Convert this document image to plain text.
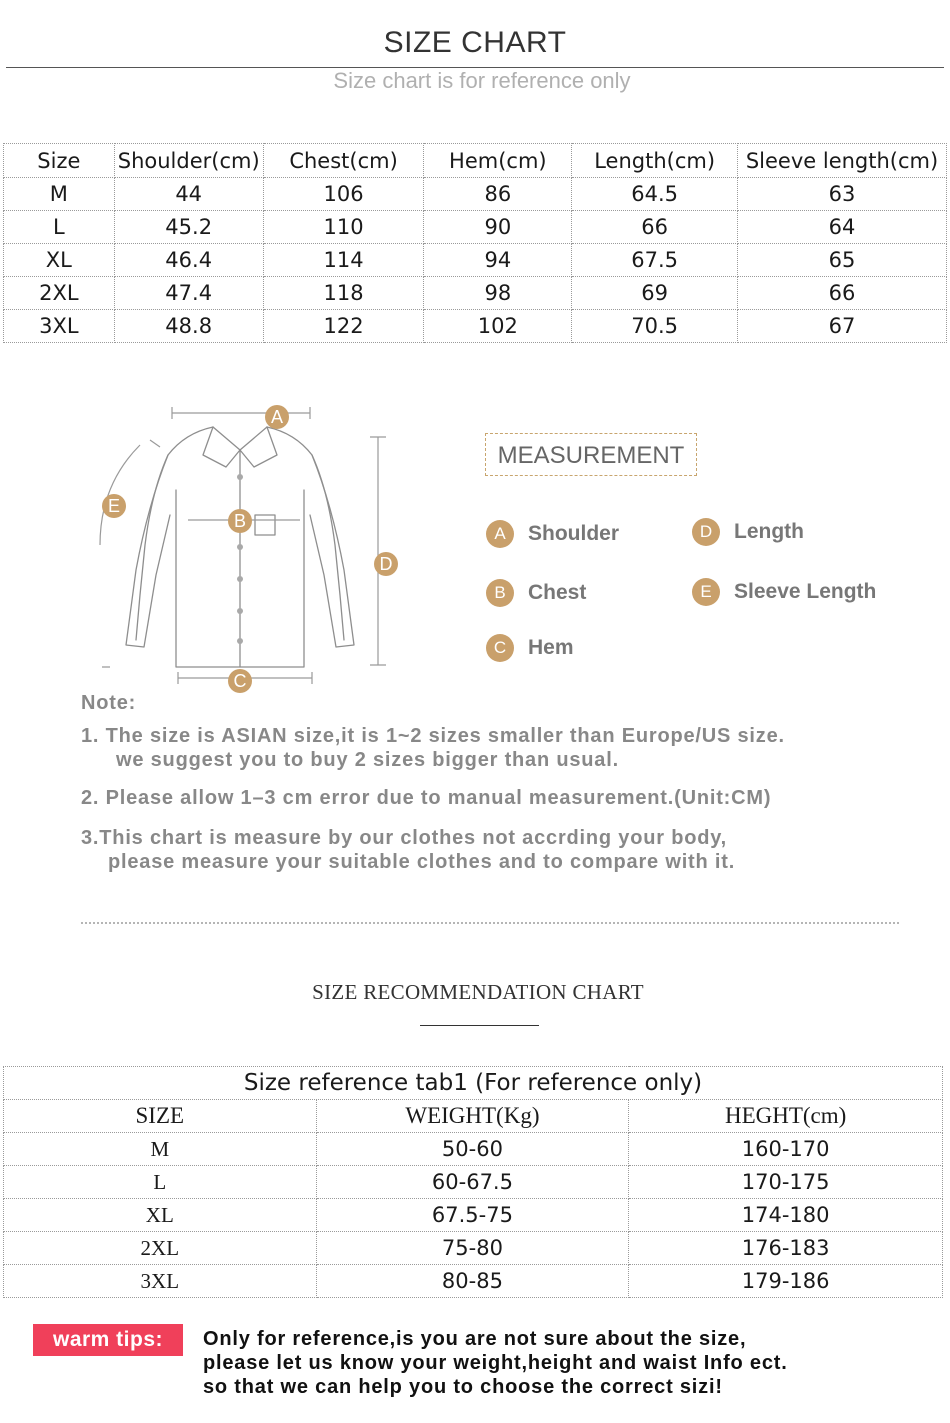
SIZE CHART
Size chart is for reference only
Size	Shoulder(cm)	Chest(cm)	Hem(cm)	Length(cm)	Sleeve length(cm)
M	44	106	86	64.5	63
L	45.2	110	90	66	64
XL	46.4	114	94	67.5	65
2XL	47.4	118	98	69	66
3XL	48.8	122	102	70.5	67
A
B
C
D
E
MEASUREMENT
A	Shoulder
B	Chest
C	Hem
D	Length
E	Sleeve Length
Note:
1. The size is ASIAN size,it is 1~2 sizes smaller than Europe/US size.
we suggest you to buy 2 sizes bigger than usual.
2. Please allow 1–3 cm error due to manual measurement.(Unit:CM)
3.This chart is measure by our clothes not accrding your body,
please measure your suitable clothes and to compare with it.
SIZE RECOMMENDATION CHART
Size reference tab1 (For reference only)		
SIZE	WEIGHT(Kg)	HEGHT(cm)
M	50-60	160-170
L	60-67.5	170-175
XL	67.5-75	174-180
2XL	75-80	176-183
3XL	80-85	179-186
warm tips:	Only for reference,is you are not sure about the size,
please let us know your weight,height and waist Info ect.
so that we can help you to choose the correct sizi!
